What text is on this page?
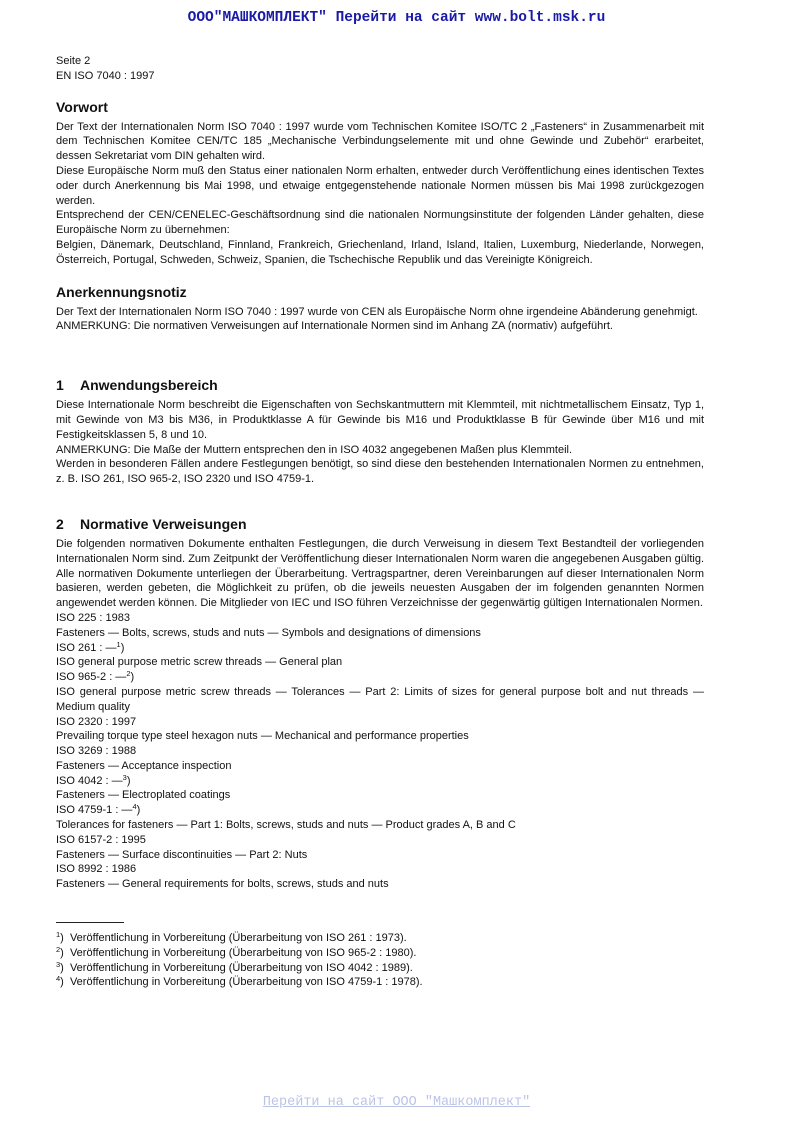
ООО"МАШКОМПЛЕКТ" Перейти на сайт www.bolt.msk.ru

Seite 2

EN ISO 7040 : 1997

Vorwort

Der Text der Internationalen Norm ISO 7040 : 1997 wurde vom Technischen Komitee ISO/TC 2 „Fasteners“ in Zusammenarbeit mit dem Technischen Komitee CEN/TC 185 „Mechanische Verbindungselemente mit und ohne Gewinde und Zubehör“ erarbeitet, dessen Sekretariat vom DIN gehalten wird.

Diese Europäische Norm muß den Status einer nationalen Norm erhalten, entweder durch Veröffentlichung eines identischen Textes oder durch Anerkennung bis Mai 1998, und etwaige entgegenstehende nationale Normen müssen bis Mai 1998 zurückgezogen werden.

Entsprechend der CEN/CENELEC-Geschäftsordnung sind die nationalen Normungsinstitute der folgenden Länder gehalten, diese Europäische Norm zu übernehmen:

Belgien, Dänemark, Deutschland, Finnland, Frankreich, Griechenland, Irland, Island, Italien, Luxemburg, Niederlande, Norwegen, Österreich, Portugal, Schweden, Schweiz, Spanien, die Tschechische Republik und das Vereinigte Königreich.

Anerkennungsnotiz

Der Text der Internationalen Norm ISO 7040 : 1997 wurde von CEN als Europäische Norm ohne irgendeine Abänderung genehmigt.

ANMERKUNG: Die normativen Verweisungen auf Internationale Normen sind im Anhang ZA (normativ) aufgeführt.

1 Anwendungsbereich

Diese Internationale Norm beschreibt die Eigenschaften von Sechskantmuttern mit Klemmteil, mit nichtmetallischem Einsatz, Typ 1, mit Gewinde von M3 bis M36, in Produktklasse A für Gewinde bis M16 und Produktklasse B für Gewinde über M16 und mit Festigkeitsklassen 5, 8 und 10.

ANMERKUNG: Die Maße der Muttern entsprechen den in ISO 4032 angegebenen Maßen plus Klemmteil.

Werden in besonderen Fällen andere Festlegungen benötigt, so sind diese den bestehenden Internationalen Normen zu entnehmen, z. B. ISO 261, ISO 965-2, ISO 2320 und ISO 4759-1.

2 Normative Verweisungen

Die folgenden normativen Dokumente enthalten Festlegungen, die durch Verweisung in diesem Text Bestandteil der vorliegenden Internationalen Norm sind. Zum Zeitpunkt der Veröffentlichung dieser Internationalen Norm waren die angegebenen Ausgaben gültig. Alle normativen Dokumente unterliegen der Überarbeitung. Vertragspartner, deren Vereinbarungen auf dieser Internationalen Norm basieren, werden gebeten, die Möglichkeit zu prüfen, ob die jeweils neuesten Ausgaben der im folgenden genannten Normen angewendet werden können. Die Mitglieder von IEC und ISO führen Verzeichnisse der gegenwärtig gültigen Internationalen Normen.

ISO 225 : 1983

Fasteners — Bolts, screws, studs and nuts — Symbols and designations of dimensions

ISO 261 : —$^1$)

ISO general purpose metric screw threads — General plan

ISO 965-2 : —$^2$)

ISO general purpose metric screw threads — Tolerances — Part 2: Limits of sizes for general purpose bolt and nut threads — Medium quality

ISO 2320 : 1997

Prevailing torque type steel hexagon nuts — Mechanical and performance properties

ISO 3269 : 1988

Fasteners — Acceptance inspection

ISO 4042 : —$^3$)

Fasteners — Electroplated coatings

ISO 4759-1 : —$^4$)

Tolerances for fasteners — Part 1: Bolts, screws, studs and nuts — Product grades A, B and C

ISO 6157-2 : 1995

Fasteners — Surface discontinuities — Part 2: Nuts

ISO 8992 : 1986

Fasteners — General requirements for bolts, screws, studs and nuts

$^1$)  Veröffentlichung in Vorbereitung (Überarbeitung von ISO 261 : 1973).

$^2$)  Veröffentlichung in Vorbereitung (Überarbeitung von ISO 965-2 : 1980).

$^3$)  Veröffentlichung in Vorbereitung (Überarbeitung von ISO 4042 : 1989).

$^4$)  Veröffentlichung in Vorbereitung (Überarbeitung von ISO 4759-1 : 1978).

Перейти на сайт ООО "Машкомплект"
